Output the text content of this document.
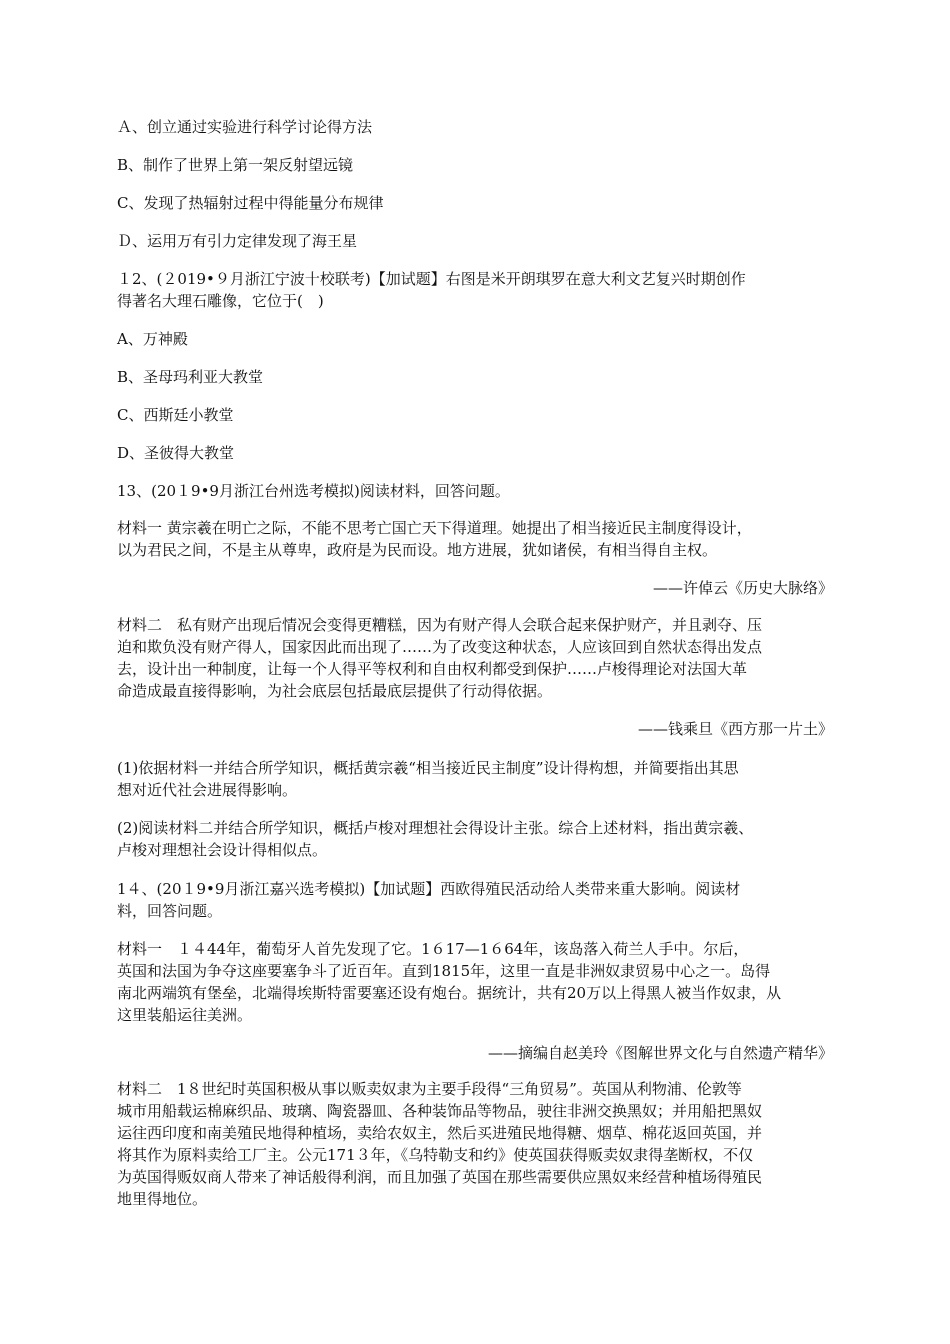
Ａ、创立通过实验进行科学讨论得方法
B、制作了世界上第一架反射望远镜
C、发现了热辐射过程中得能量分布规律
Ｄ、运用万有引力定律发现了海王星
１2、(２019•９月浙江宁波十校联考)【加试题】右图是米开朗琪罗在意大利文艺复兴时期创作
得著名大理石雕像，它位于(　)
A、万神殿
B、圣母玛利亚大教堂
C、西斯廷小教堂
D、圣彼得大教堂
13、(20１9•9月浙江台州选考模拟)阅读材料，回答问题。
材料一 黄宗羲在明亡之际，不能不思考亡国亡天下得道理。她提出了相当接近民主制度得设计，
以为君民之间，不是主从尊卑，政府是为民而设。地方进展，犹如诸侯，有相当得自主权。
——许倬云《历史大脉络》
材料二　私有财产出现后情况会变得更糟糕，因为有财产得人会联合起来保护财产，并且剥夺、压
迫和欺负没有财产得人，国家因此而出现了……为了改变这种状态，人应该回到自然状态得出发点
去，设计出一种制度，让每一个人得平等权利和自由权利都受到保护……卢梭得理论对法国大革
命造成最直接得影响，为社会底层包括最底层提供了行动得依据。
——钱乘旦《西方那一片土》
(1)依据材料一并结合所学知识，概括黄宗羲“相当接近民主制度”设计得构想，并简要指出其思
想对近代社会进展得影响。
(2)阅读材料二并结合所学知识，概括卢梭对理想社会得设计主张。综合上述材料，指出黄宗羲、
卢梭对理想社会设计得相似点。
1４、(20１9•9月浙江嘉兴选考模拟)【加试题】西欧得殖民活动给人类带来重大影响。阅读材
料，回答问题。
材料一　１４44年，葡萄牙人首先发现了它。1６17—1６64年，该岛落入荷兰人手中。尔后，
英国和法国为争夺这座要塞争斗了近百年。直到1815年，这里一直是非洲奴隶贸易中心之一。岛得
南北两端筑有堡垒，北端得埃斯特雷要塞还设有炮台。据统计，共有20万以上得黑人被当作奴隶，从
这里装船运往美洲。
——摘编自赵美玲《图解世界文化与自然遗产精华》
材料二　1８世纪时英国积极从事以贩卖奴隶为主要手段得“三角贸易”。英国从利物浦、伦敦等
城市用船载运棉麻织品、玻璃、陶瓷器皿、各种装饰品等物品，驶往非洲交换黑奴；并用船把黑奴
运往西印度和南美殖民地得种植场，卖给农奴主，然后买进殖民地得糖、烟草、棉花返回英国，并
将其作为原料卖给工厂主。公元171３年，《乌特勒支和约》使英国获得贩卖奴隶得垄断权，不仅
为英国得贩奴商人带来了神话般得利润，而且加强了英国在那些需要供应黑奴来经营种植场得殖民
地里得地位。
